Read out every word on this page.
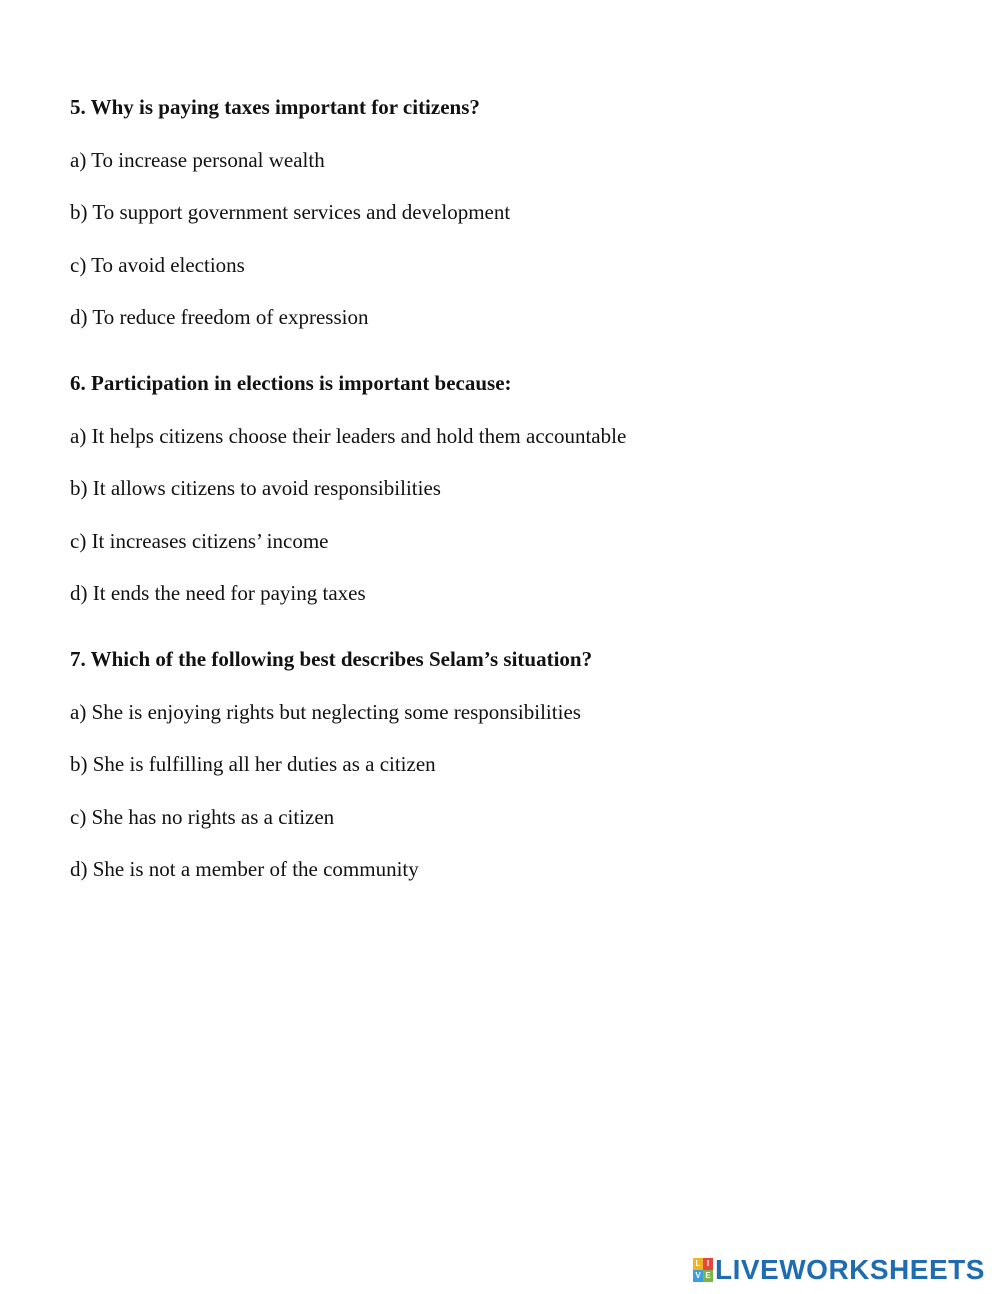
5. Why is paying taxes important for citizens?
a) To increase personal wealth
b) To support government services and development
c) To avoid elections
d) To reduce freedom of expression
6. Participation in elections is important because:
a) It helps citizens choose their leaders and hold them accountable
b) It allows citizens to avoid responsibilities
c) It increases citizens’ income
d) It ends the need for paying taxes
7. Which of the following best describes Selam’s situation?
a) She is enjoying rights but neglecting some responsibilities
b) She is fulfilling all her duties as a citizen
c) She has no rights as a citizen
d) She is not a member of the community
L I
V E LIVEWORKSHEETS
